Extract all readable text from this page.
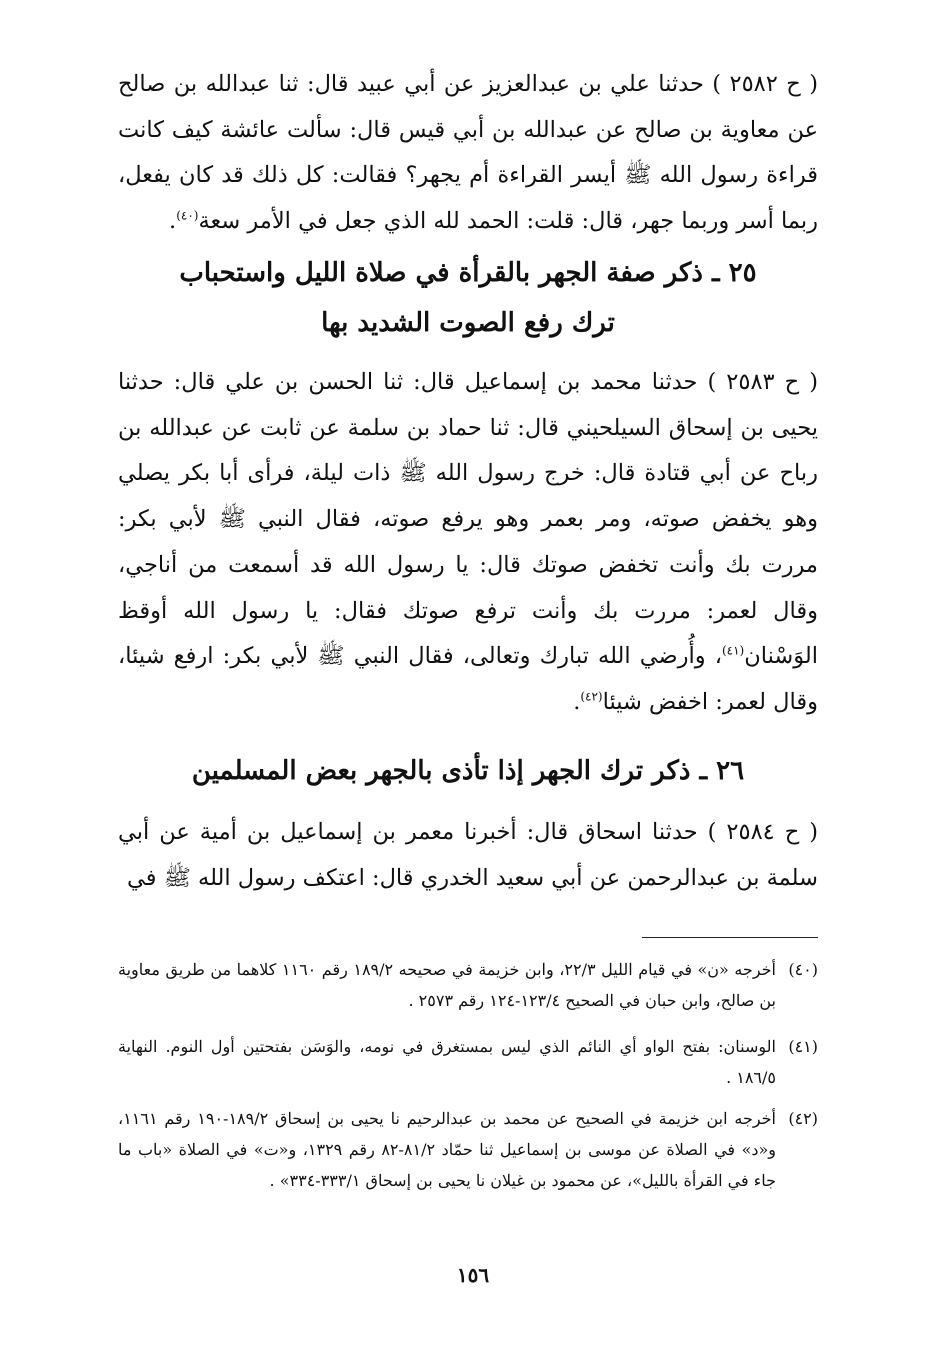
( ح ٢٥٨٢ ) حدثنا علي بن عبدالعزيز عن أبي عبيد قال: ثنا عبدالله بن صالح عن معاوية بن صالح عن عبدالله بن أبي قيس قال: سألت عائشة كيف كانت قراءة رسول الله ﷺ أيسر القراءة أم يجهر؟ فقالت: كل ذلك قد كان يفعل، ربما أسر وربما جهر، قال: قلت: الحمد لله الذي جعل في الأمر سعة$^{(٤٠)}$.
٢٥ ـ ذكر صفة الجهر بالقرأة في صلاة الليل واستحباب
ترك رفع الصوت الشديد بها
( ح ٢٥٨٣ ) حدثنا محمد بن إسماعيل قال: ثنا الحسن بن علي قال: حدثنا يحيى بن إسحاق السيلحيني قال: ثنا حماد بن سلمة عن ثابت عن عبدالله بن رباح عن أبي قتادة قال: خرج رسول الله ﷺ ذات ليلة، فرأى أبا بكر يصلي وهو يخفض صوته، ومر بعمر وهو يرفع صوته، فقال النبي ﷺ لأبي بكر: مررت بك وأنت تخفض صوتك قال: يا رسول الله قد أسمعت من أناجي، وقال لعمر: مررت بك وأنت ترفع صوتك فقال: يا رسول الله أوقظ الوَسْنان$^{(٤١)}$، وأُرضي الله تبارك وتعالى، فقال النبي ﷺ لأبي بكر: ارفع شيئا، وقال لعمر: اخفض شيئا$^{(٤٢)}$.
٢٦ ـ ذكر ترك الجهر إذا تأذى بالجهر بعض المسلمين
( ح ٢٥٨٤ ) حدثنا اسحاق قال: أخبرنا معمر بن إسماعيل بن أمية عن أبي سلمة بن عبدالرحمن عن أبي سعيد الخدري قال: اعتكف رسول الله ﷺ في
(٤٠)
أخرجه «ن» في قيام الليل ٢٢/٣، وابن خزيمة في صحيحه ١٨٩/٢ رقم ١١٦٠ كلاهما من طريق معاوية بن صالح، وابن حبان في الصحيح ١٢٣/٤-١٢٤ رقم ٢٥٧٣ .
(٤١)
الوسنان: بفتح الواو أي النائم الذي ليس بمستغرق في نومه، والوَسَن بفتحتين أول النوم. النهاية ١٨٦/٥ .
(٤٢)
أخرجه ابن خزيمة في الصحيح عن محمد بن عبدالرحيم نا يحيى بن إسحاق ١٨٩/٢-١٩٠ رقم ١١٦١، و«د» في الصلاة عن موسى بن إسماعيل ثنا حمّاد ٨١/٢-٨٢ رقم ١٣٢٩، و«ت» في الصلاة «باب ما جاء في القرأة بالليل»، عن محمود بن غيلان نا يحيى بن إسحاق ٣٣٣/١-٣٣٤» .
١٥٦
